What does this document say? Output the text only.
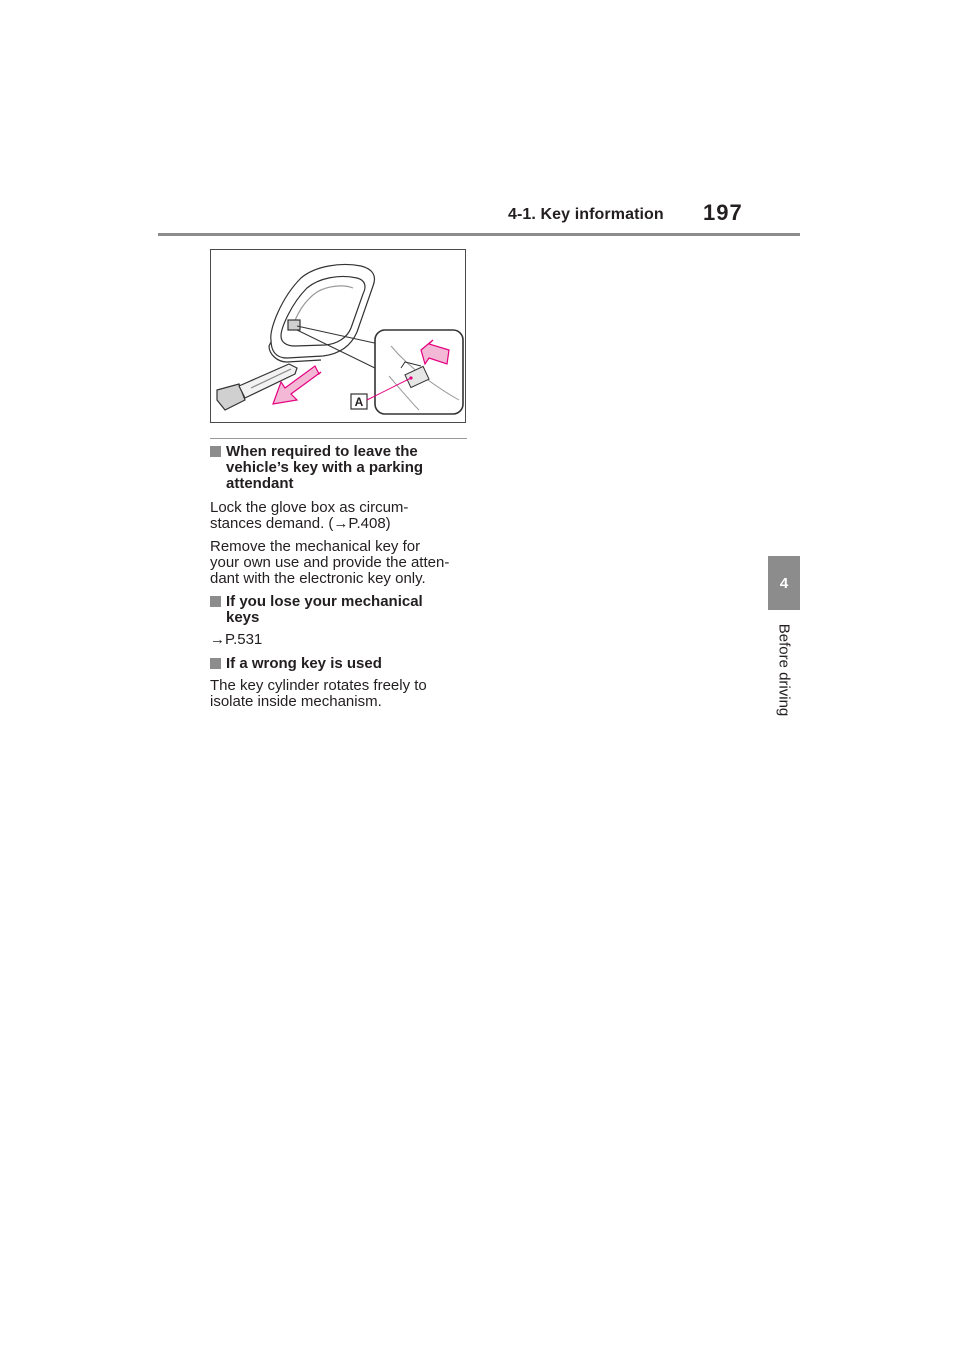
4-1. Key information 197
4
Before driving
A
When required to leave the
vehicle’s key with a parking
attendant
Lock the glove box as circum-
stances demand. (→P.408)
Remove the mechanical key for
your own use and provide the atten-
dant with the electronic key only.
If you lose your mechanical
keys
→P.531
If a wrong key is used
The key cylinder rotates freely to
isolate inside mechanism.
